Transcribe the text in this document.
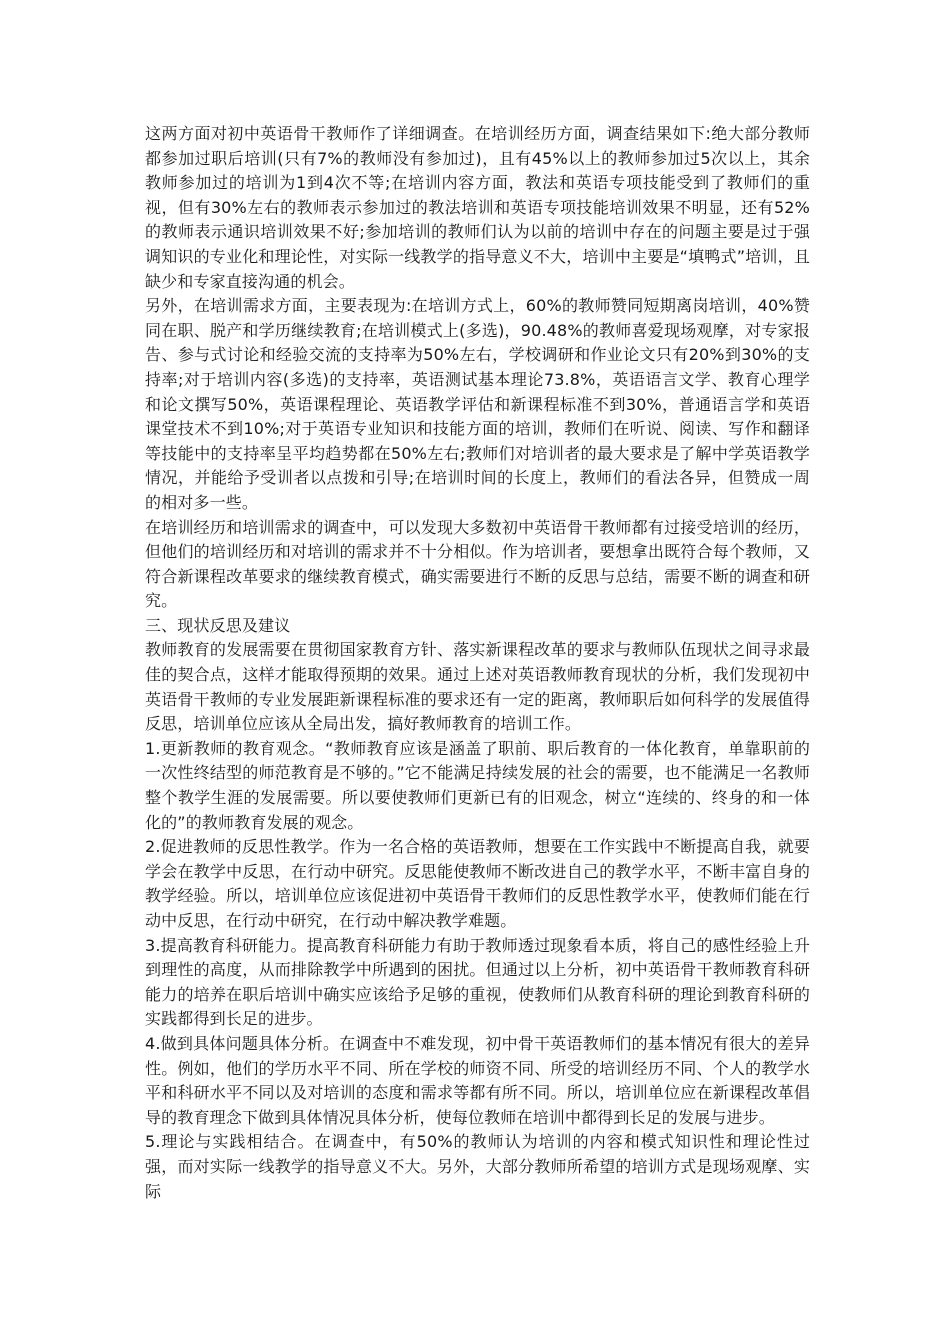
这两方面对初中英语骨干教师作了详细调查。在培训经历方面，调查结果如下:绝大部分教师都参加过职后培训(只有7%的教师没有参加过)，且有45%以上的教师参加过5次以上，其余教师参加过的培训为1到4次不等;在培训内容方面，教法和英语专项技能受到了教师们的重视，但有30%左右的教师表示参加过的教法培训和英语专项技能培训效果不明显，还有52%的教师表示通识培训效果不好;参加培训的教师们认为以前的培训中存在的问题主要是过于强调知识的专业化和理论性，对实际一线教学的指导意义不大，培训中主要是“填鸭式”培训，且缺少和专家直接沟通的机会。

另外，在培训需求方面，主要表现为:在培训方式上，60%的教师赞同短期离岗培训，40%赞同在职、脱产和学历继续教育;在培训模式上(多选)，90.48%的教师喜爱现场观摩，对专家报告、参与式讨论和经验交流的支持率为50%左右，学校调研和作业论文只有20%到30%的支持率;对于培训内容(多选)的支持率，英语测试基本理论73.8%，英语语言文学、教育心理学和论文撰写50%，英语课程理论、英语教学评估和新课程标准不到30%，普通语言学和英语课堂技术不到10%;对于英语专业知识和技能方面的培训，教师们在听说、阅读、写作和翻译等技能中的支持率呈平均趋势都在50%左右;教师们对培训者的最大要求是了解中学英语教学情况，并能给予受训者以点拨和引导;在培训时间的长度上，教师们的看法各异，但赞成一周的相对多一些。

在培训经历和培训需求的调查中，可以发现大多数初中英语骨干教师都有过接受培训的经历，但他们的培训经历和对培训的需求并不十分相似。作为培训者，要想拿出既符合每个教师，又符合新课程改革要求的继续教育模式，确实需要进行不断的反思与总结，需要不断的调查和研究。

三、现状反思及建议

教师教育的发展需要在贯彻国家教育方针、落实新课程改革的要求与教师队伍现状之间寻求最佳的契合点，这样才能取得预期的效果。通过上述对英语教师教育现状的分析，我们发现初中英语骨干教师的专业发展距新课程标准的要求还有一定的距离，教师职后如何科学的发展值得反思，培训单位应该从全局出发，搞好教师教育的培训工作。

1.更新教师的教育观念。“教师教育应该是涵盖了职前、职后教育的一体化教育，单靠职前的一次性终结型的师范教育是不够的。”它不能满足持续发展的社会的需要，也不能满足一名教师整个教学生涯的发展需要。所以要使教师们更新已有的旧观念，树立“连续的、终身的和一体化的”的教师教育发展的观念。

2.促进教师的反思性教学。作为一名合格的英语教师，想要在工作实践中不断提高自我，就要学会在教学中反思，在行动中研究。反思能使教师不断改进自己的教学水平，不断丰富自身的教学经验。所以，培训单位应该促进初中英语骨干教师们的反思性教学水平，使教师们能在行动中反思，在行动中研究，在行动中解决教学难题。

3.提高教育科研能力。提高教育科研能力有助于教师透过现象看本质，将自己的感性经验上升到理性的高度，从而排除教学中所遇到的困扰。但通过以上分析，初中英语骨干教师教育科研能力的培养在职后培训中确实应该给予足够的重视，使教师们从教育科研的理论到教育科研的实践都得到长足的进步。

4.做到具体问题具体分析。在调查中不难发现，初中骨干英语教师们的基本情况有很大的差异性。例如，他们的学历水平不同、所在学校的师资不同、所受的培训经历不同、个人的教学水平和科研水平不同以及对培训的态度和需求等都有所不同。所以，培训单位应在新课程改革倡导的教育理念下做到具体情况具体分析，使每位教师在培训中都得到长足的发展与进步。

5.理论与实践相结合。在调查中，有50%的教师认为培训的内容和模式知识性和理论性过强，而对实际一线教学的指导意义不大。另外，大部分教师所希望的培训方式是现场观摩、实际
